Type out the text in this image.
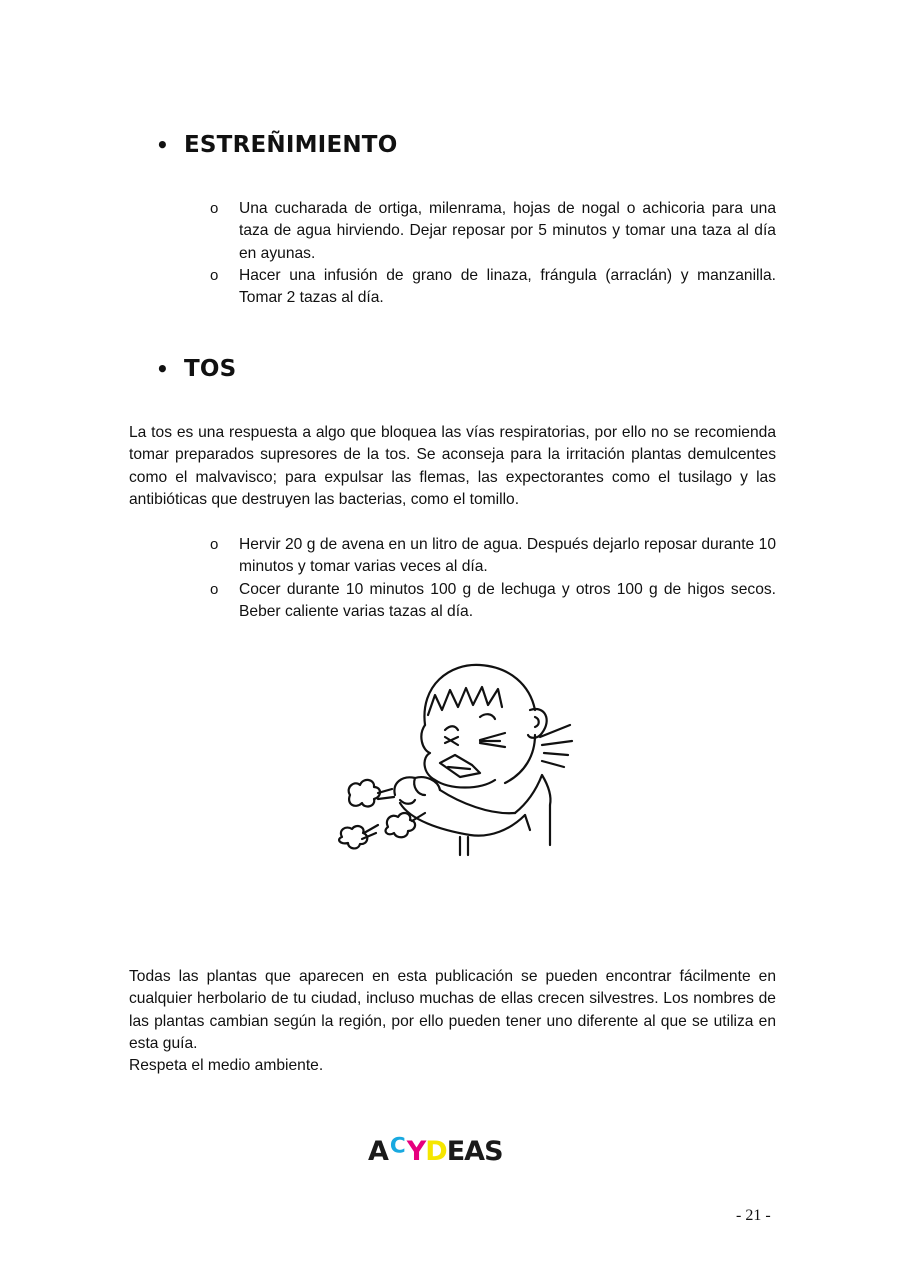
• ESTREÑIMIENTO
o	Una cucharada de ortiga, milenrama, hojas de nogal o achicoria para una taza de agua hirviendo. Dejar reposar por 5 minutos y tomar una taza al día en ayunas.
o	Hacer una infusión de grano de linaza, frángula (arraclán) y manzanilla. Tomar 2 tazas al día.
• TOS
La tos es una respuesta a algo que bloquea las vías respiratorias, por ello no se recomienda tomar preparados supresores de la tos. Se aconseja para la irritación plantas demulcentes como el malvavisco; para expulsar las flemas, las expectorantes como el tusilago y las antibióticas que destruyen las bacterias, como el tomillo.
o	Hervir 20 g de avena en un litro de agua. Después dejarlo reposar durante 10 minutos y tomar varias veces al día.
o	Cocer durante 10 minutos 100 g de lechuga y otros 100 g de higos secos. Beber caliente varias tazas al día.
Todas las plantas que aparecen en esta publicación se pueden encontrar fácilmente en cualquier herbolario de tu ciudad, incluso muchas de ellas crecen silvestres. Los nombres de las plantas cambian según la región, por ello pueden tener uno diferente al que se utiliza en esta guía.
Respeta el medio ambiente.
A C Y D E A S
- 21 -
